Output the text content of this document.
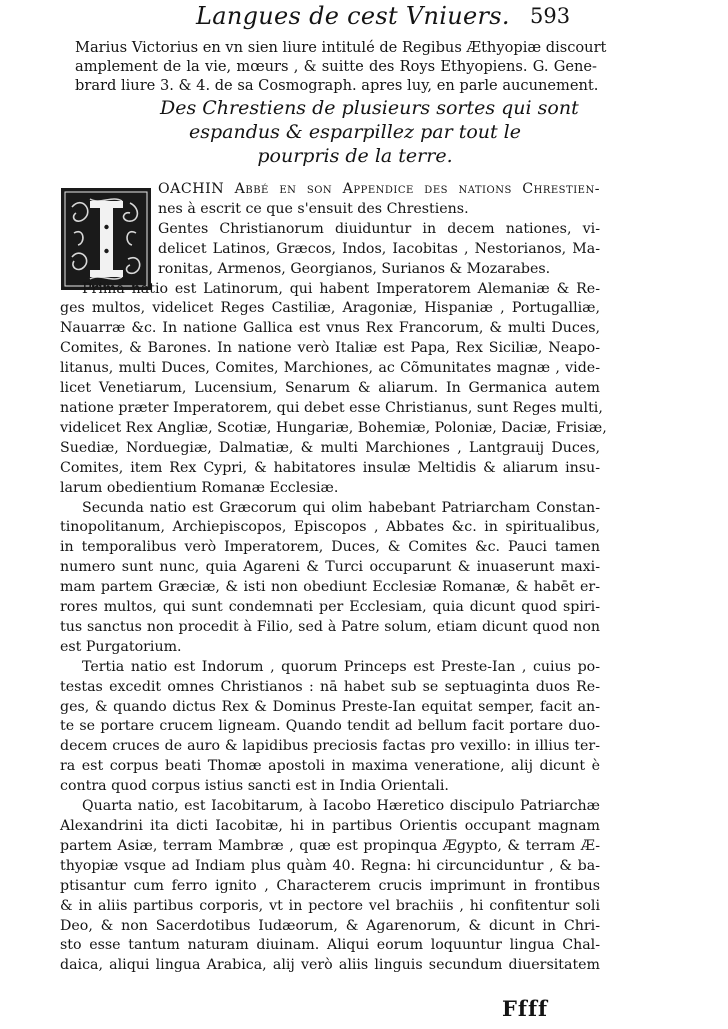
Langues de cest Vniuers. 593
Marius Victorius en vn sien liure intitulé de Regibus Æthyopiæ discourt
amplement de la vie, mœurs , & suitte des Roys Ethyopiens. G. Gene-
brard liure 3. & 4. de sa Cosmograph. apres luy, en parle aucunement.
Des Chrestiens de plusieurs sortes qui sont
espandus & esparpillez par tout le
pourpris de la terre.
OACHIN Abbé en son Appendice des nations Chrestien-
nes à escrit ce que s'ensuit des Chrestiens.
Gentes Christianorum diuiduntur in decem nationes, vi-
delicet Latinos, Græcos, Indos, Iacobitas , Nestorianos, Ma-
ronitas, Armenos, Georgianos, Surianos & Mozarabes.
Prima natio est Latinorum, qui habent Imperatorem Alemaniæ & Re-
ges multos, videlicet Reges Castiliæ, Aragoniæ, Hispaniæ , Portugalliæ,
Nauarræ &c. In natione Gallica est vnus Rex Francorum, & multi Duces,
Comites, & Barones. In natione verò Italiæ est Papa, Rex Siciliæ, Neapo-
litanus, multi Duces, Comites, Marchiones, ac Cõmunitates magnæ , vide-
licet Venetiarum, Lucensium, Senarum & aliarum. In Germanica autem
natione præter Imperatorem, qui debet esse Christianus, sunt Reges multi,
videlicet Rex Angliæ, Scotiæ, Hungariæ, Bohemiæ, Poloniæ, Daciæ, Frisiæ,
Suediæ, Norduegiæ, Dalmatiæ, & multi Marchiones , Lantgrauij Duces,
Comites, item Rex Cypri, & habitatores insulæ Meltidis & aliarum insu-
larum obedientium Romanæ Ecclesiæ.
Secunda natio est Græcorum qui olim habebant Patriarcham Constan-
tinopolitanum, Archiepiscopos, Episcopos , Abbates &c. in spiritualibus,
in temporalibus verò Imperatorem, Duces, & Comites &c. Pauci tamen
numero sunt nunc, quia Agareni & Turci occuparunt & inuaserunt maxi-
mam partem Græciæ, & isti non obediunt Ecclesiæ Romanæ, & habēt er-
rores multos, qui sunt condemnati per Ecclesiam, quia dicunt quod spiri-
tus sanctus non procedit à Filio, sed à Patre solum, etiam dicunt quod non
est Purgatorium.
Tertia natio est Indorum , quorum Princeps est Preste-Ian , cuius po-
testas excedit omnes Christianos : nā habet sub se septuaginta duos Re-
ges, & quando dictus Rex & Dominus Preste-Ian equitat semper, facit an-
te se portare crucem ligneam. Quando tendit ad bellum facit portare duo-
decem cruces de auro & lapidibus preciosis factas pro vexillo: in illius ter-
ra est corpus beati Thomæ apostoli in maxima veneratione, alij dicunt è
contra quod corpus istius sancti est in India Orientali.
Quarta natio, est Iacobitarum, à Iacobo Hæretico discipulo Patriarchæ
Alexandrini ita dicti Iacobitæ, hi in partibus Orientis occupant magnam
partem Asiæ, terram Mambræ , quæ est propinqua Ægypto, & terram Æ-
thyopiæ vsque ad Indiam plus quàm 40. Regna: hi circunciduntur , & ba-
ptisantur cum ferro ignito , Characterem crucis imprimunt in frontibus
& in aliis partibus corporis, vt in pectore vel brachiis , hi confitentur soli
Deo, & non Sacerdotibus Iudæorum, & Agarenorum, & dicunt in Chri-
sto esse tantum naturam diuinam. Aliqui eorum loquuntur lingua Chal-
daica, aliqui lingua Arabica, alij verò aliis linguis secundum diuersitatem
Ffff
